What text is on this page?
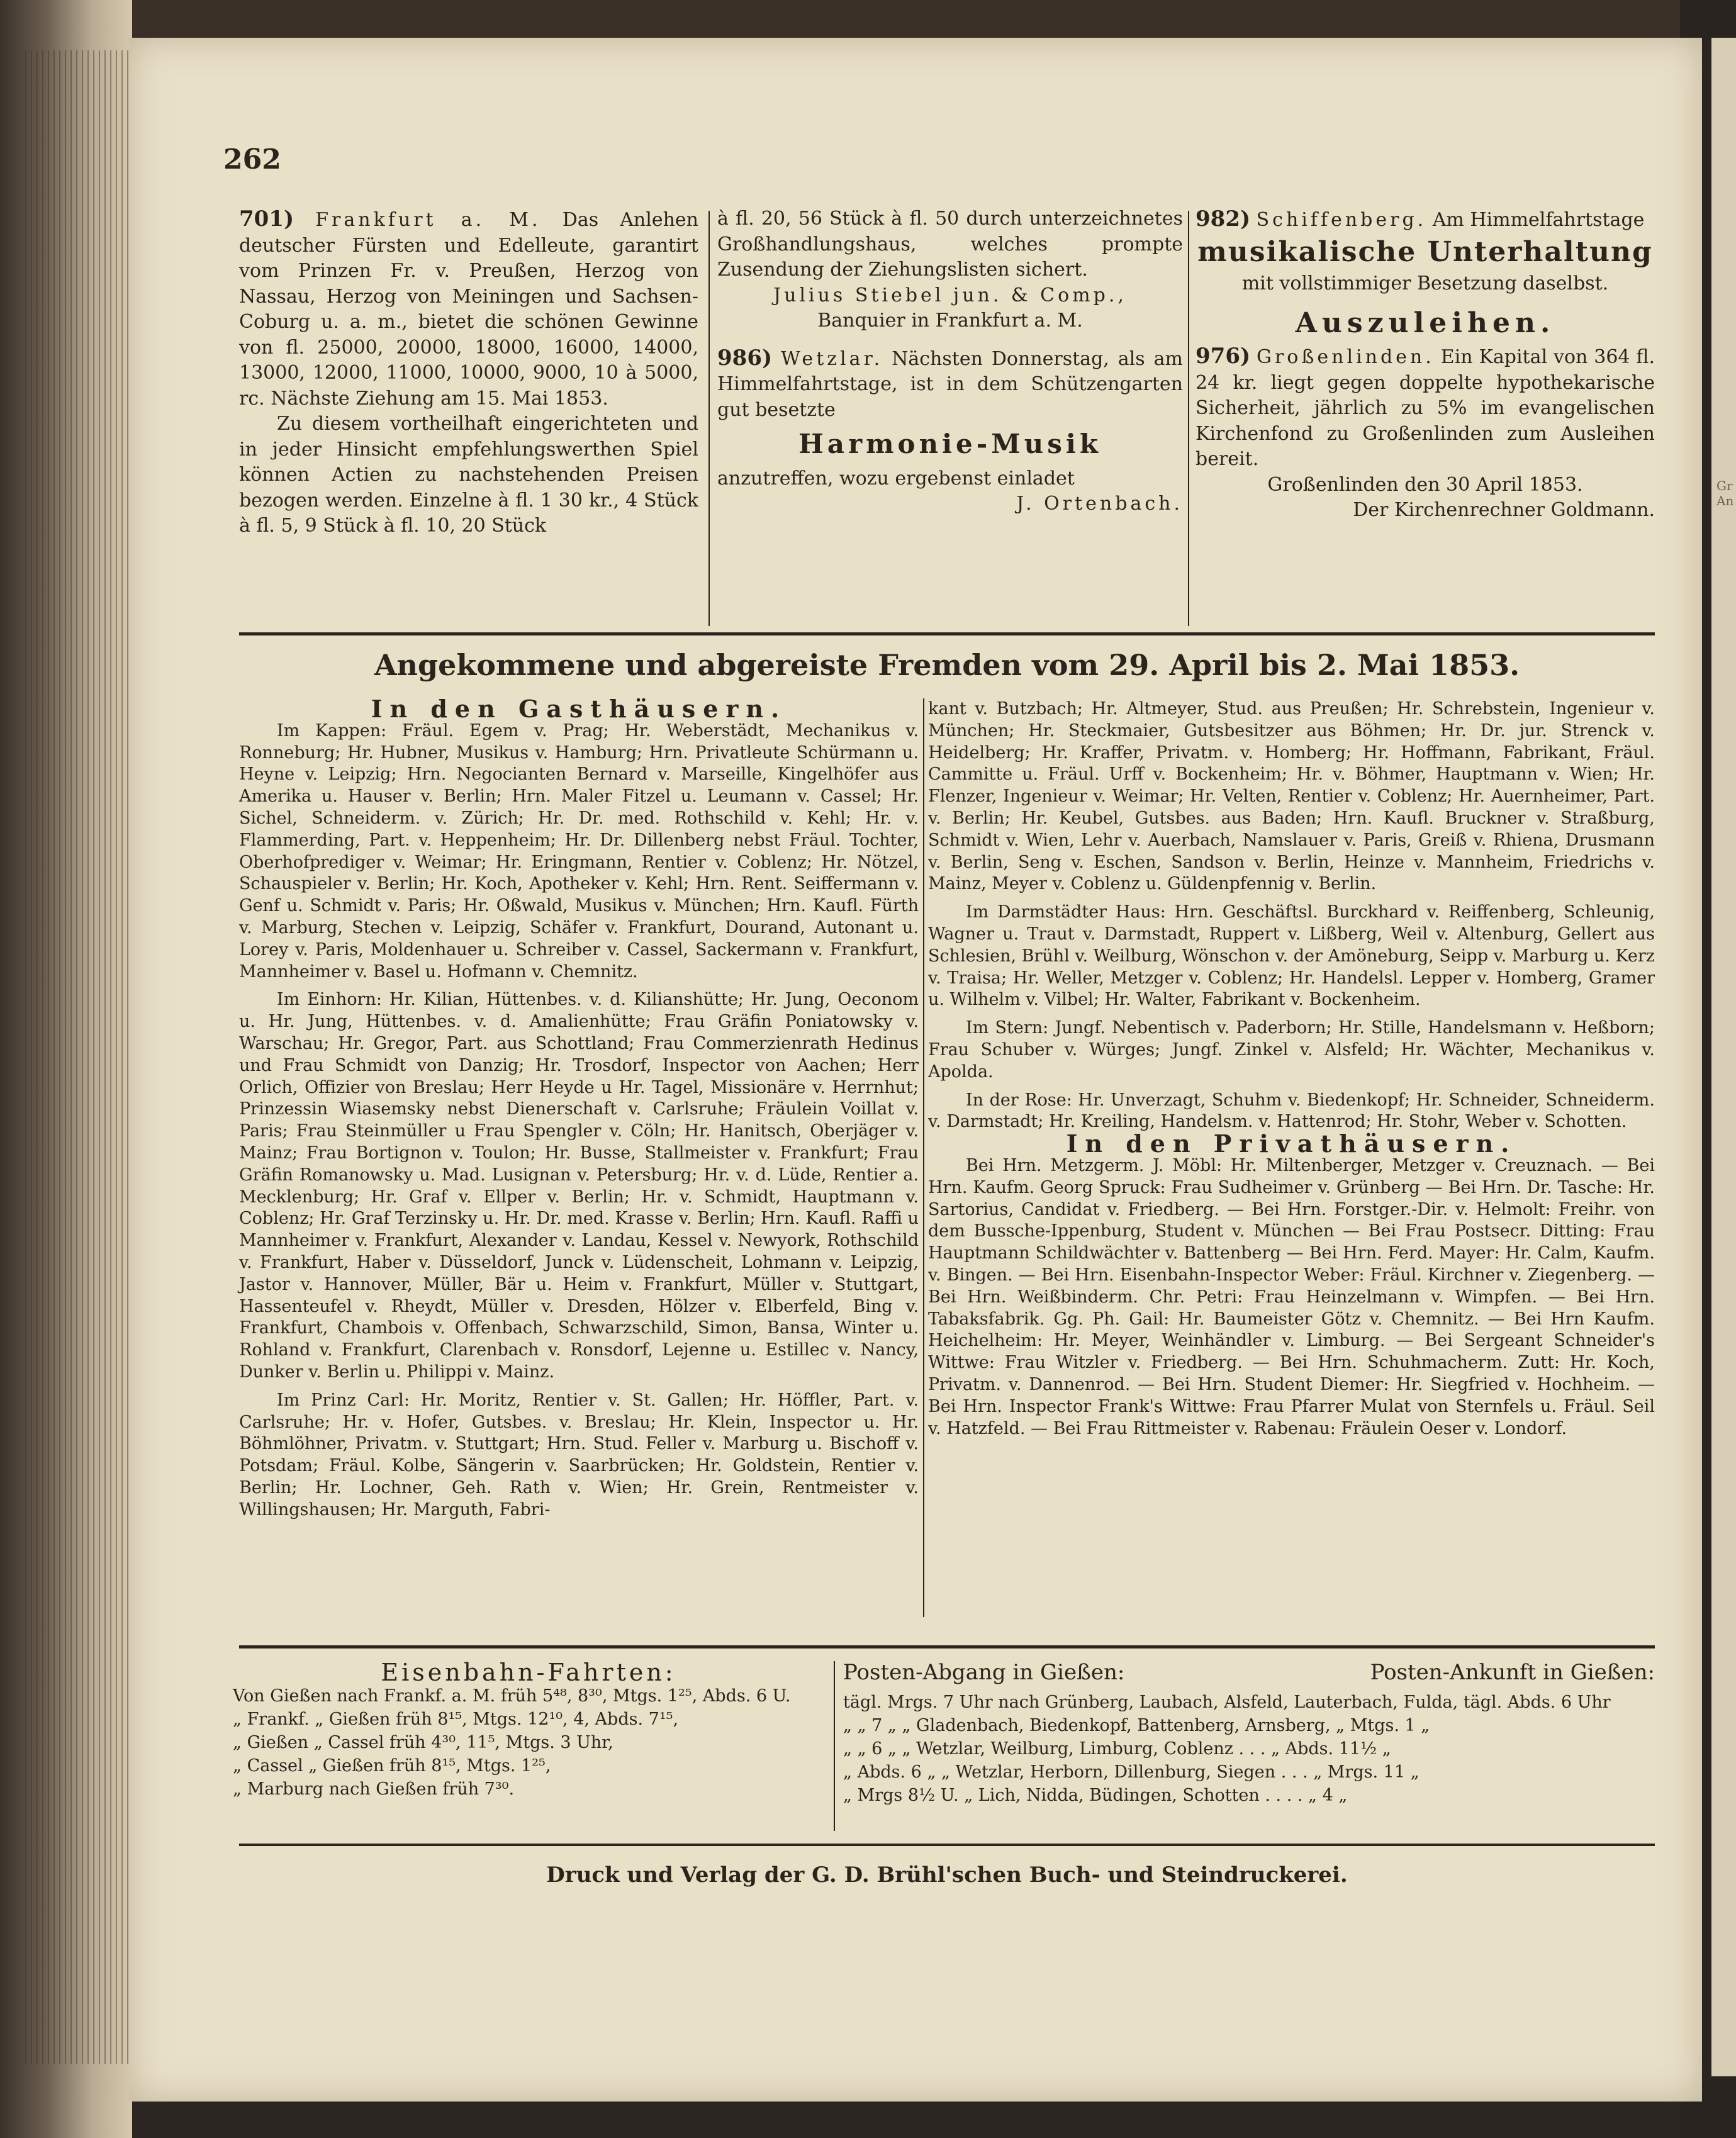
Gr An
262

701) Frankfurt a. M. Das Anlehen deutscher Fürsten und Edelleute, garantirt vom Prinzen Fr. v. Preußen, Herzog von Nassau, Herzog von Meiningen und Sachsen-Coburg u. a. m., bietet die schönen Gewinne von fl. 25000, 20000, 18000, 16000, 14000, 13000, 12000, 11000, 10000, 9000, 10 à 5000, rc. Nächste Ziehung am 15. Mai 1853.

Zu diesem vortheilhaft eingerichteten und in jeder Hinsicht empfehlungswerthen Spiel können Actien zu nachstehenden Preisen bezogen werden. Einzelne à fl. 1 30 kr., 4 Stück à fl. 5, 9 Stück à fl. 10, 20 Stück

à fl. 20, 56 Stück à fl. 50 durch unterzeichnetes Großhandlungshaus, welches prompte Zusendung der Ziehungslisten sichert.

Julius Stiebel jun. & Comp.,

Banquier in Frankfurt a. M.

986) Wetzlar. Nächsten Donnerstag, als am Himmelfahrtstage, ist in dem Schützengarten gut besetzte

Harmonie-Musik

anzutreffen, wozu ergebenst einladet

J. Ortenbach.

982) Schiffenberg. Am Himmelfahrtstage

musikalische Unterhaltung

mit vollstimmiger Besetzung daselbst.

Auszuleihen.

976) Großenlinden. Ein Kapital von 364 fl. 24 kr. liegt gegen doppelte hypothekarische Sicherheit, jährlich zu 5% im evangelischen Kirchenfond zu Großenlinden zum Ausleihen bereit.

Großenlinden den 30 April 1853.

Der Kirchenrechner Goldmann.

Angekommene und abgereiste Fremden vom 29. April bis 2. Mai 1853.

In den Gasthäusern.

Im Kappen: Fräul. Egem v. Prag; Hr. Weberstädt, Mechanikus v. Ronneburg; Hr. Hubner, Musikus v. Hamburg; Hrn. Privatleute Schürmann u. Heyne v. Leipzig; Hrn. Negocianten Bernard v. Marseille, Kingelhöfer aus Amerika u. Hauser v. Berlin; Hrn. Maler Fitzel u. Leumann v. Cassel; Hr. Sichel, Schneiderm. v. Zürich; Hr. Dr. med. Rothschild v. Kehl; Hr. v. Flammerding, Part. v. Heppenheim; Hr. Dr. Dillenberg nebst Fräul. Tochter, Oberhofprediger v. Weimar; Hr. Eringmann, Rentier v. Coblenz; Hr. Nötzel, Schauspieler v. Berlin; Hr. Koch, Apotheker v. Kehl; Hrn. Rent. Seiffermann v. Genf u. Schmidt v. Paris; Hr. Oßwald, Musikus v. München; Hrn. Kaufl. Fürth v. Marburg, Stechen v. Leipzig, Schäfer v. Frankfurt, Dourand, Autonant u. Lorey v. Paris, Moldenhauer u. Schreiber v. Cassel, Sackermann v. Frankfurt, Mannheimer v. Basel u. Hofmann v. Chemnitz.

Im Einhorn: Hr. Kilian, Hüttenbes. v. d. Kilianshütte; Hr. Jung, Oeconom u. Hr. Jung, Hüttenbes. v. d. Amalienhütte; Frau Gräfin Poniatowsky v. Warschau; Hr. Gregor, Part. aus Schottland; Frau Commerzienrath Hedinus und Frau Schmidt von Danzig; Hr. Trosdorf, Inspector von Aachen; Herr Orlich, Offizier von Breslau; Herr Heyde u Hr. Tagel, Missionäre v. Herrnhut; Prinzessin Wiasemsky nebst Dienerschaft v. Carlsruhe; Fräulein Voillat v. Paris; Frau Steinmüller u Frau Spengler v. Cöln; Hr. Hanitsch, Oberjäger v. Mainz; Frau Bortignon v. Toulon; Hr. Busse, Stallmeister v. Frankfurt; Frau Gräfin Romanowsky u. Mad. Lusignan v. Petersburg; Hr. v. d. Lüde, Rentier a. Mecklenburg; Hr. Graf v. Ellper v. Berlin; Hr. v. Schmidt, Hauptmann v. Coblenz; Hr. Graf Terzinsky u. Hr. Dr. med. Krasse v. Berlin; Hrn. Kaufl. Raffi u Mannheimer v. Frankfurt, Alexander v. Landau, Kessel v. Newyork, Rothschild v. Frankfurt, Haber v. Düsseldorf, Junck v. Lüdenscheit, Lohmann v. Leipzig, Jastor v. Hannover, Müller, Bär u. Heim v. Frankfurt, Müller v. Stuttgart, Hassenteufel v. Rheydt, Müller v. Dresden, Hölzer v. Elberfeld, Bing v. Frankfurt, Chambois v. Offenbach, Schwarzschild, Simon, Bansa, Winter u. Rohland v. Frankfurt, Clarenbach v. Ronsdorf, Lejenne u. Estillec v. Nancy, Dunker v. Berlin u. Philippi v. Mainz.

Im Prinz Carl: Hr. Moritz, Rentier v. St. Gallen; Hr. Höffler, Part. v. Carlsruhe; Hr. v. Hofer, Gutsbes. v. Breslau; Hr. Klein, Inspector u. Hr. Böhmlöhner, Privatm. v. Stuttgart; Hrn. Stud. Feller v. Marburg u. Bischoff v. Potsdam; Fräul. Kolbe, Sängerin v. Saarbrücken; Hr. Goldstein, Rentier v. Berlin; Hr. Lochner, Geh. Rath v. Wien; Hr. Grein, Rentmeister v. Willingshausen; Hr. Marguth, Fabri-

kant v. Butzbach; Hr. Altmeyer, Stud. aus Preußen; Hr. Schrebstein, Ingenieur v. München; Hr. Steckmaier, Gutsbesitzer aus Böhmen; Hr. Dr. jur. Strenck v. Heidelberg; Hr. Kraffer, Privatm. v. Homberg; Hr. Hoffmann, Fabrikant, Fräul. Cammitte u. Fräul. Urff v. Bockenheim; Hr. v. Böhmer, Hauptmann v. Wien; Hr. Flenzer, Ingenieur v. Weimar; Hr. Velten, Rentier v. Coblenz; Hr. Auernheimer, Part. v. Berlin; Hr. Keubel, Gutsbes. aus Baden; Hrn. Kaufl. Bruckner v. Straßburg, Schmidt v. Wien, Lehr v. Auerbach, Namslauer v. Paris, Greiß v. Rhiena, Drusmann v. Berlin, Seng v. Eschen, Sandson v. Berlin, Heinze v. Mannheim, Friedrichs v. Mainz, Meyer v. Coblenz u. Güldenpfennig v. Berlin.

Im Darmstädter Haus: Hrn. Geschäftsl. Burckhard v. Reiffenberg, Schleunig, Wagner u. Traut v. Darmstadt, Ruppert v. Lißberg, Weil v. Altenburg, Gellert aus Schlesien, Brühl v. Weilburg, Wönschon v. der Amöneburg, Seipp v. Marburg u. Kerz v. Traisa; Hr. Weller, Metzger v. Coblenz; Hr. Handelsl. Lepper v. Homberg, Gramer u. Wilhelm v. Vilbel; Hr. Walter, Fabrikant v. Bockenheim.

Im Stern: Jungf. Nebentisch v. Paderborn; Hr. Stille, Handelsmann v. Heßborn; Frau Schuber v. Würges; Jungf. Zinkel v. Alsfeld; Hr. Wächter, Mechanikus v. Apolda.

In der Rose: Hr. Unverzagt, Schuhm v. Biedenkopf; Hr. Schneider, Schneiderm. v. Darmstadt; Hr. Kreiling, Handelsm. v. Hattenrod; Hr. Stohr, Weber v. Schotten.

In den Privathäusern.

Bei Hrn. Metzgerm. J. Möbl: Hr. Miltenberger, Metzger v. Creuznach. — Bei Hrn. Kaufm. Georg Spruck: Frau Sudheimer v. Grünberg — Bei Hrn. Dr. Tasche: Hr. Sartorius, Candidat v. Friedberg. — Bei Hrn. Forstger.-Dir. v. Helmolt: Freihr. von dem Bussche-Ippenburg, Student v. München — Bei Frau Postsecr. Ditting: Frau Hauptmann Schildwächter v. Battenberg — Bei Hrn. Ferd. Mayer: Hr. Calm, Kaufm. v. Bingen. — Bei Hrn. Eisenbahn-Inspector Weber: Fräul. Kirchner v. Ziegenberg. — Bei Hrn. Weißbinderm. Chr. Petri: Frau Heinzelmann v. Wimpfen. — Bei Hrn. Tabaksfabrik. Gg. Ph. Gail: Hr. Baumeister Götz v. Chemnitz. — Bei Hrn Kaufm. Heichelheim: Hr. Meyer, Weinhändler v. Limburg. — Bei Sergeant Schneider's Wittwe: Frau Witzler v. Friedberg. — Bei Hrn. Schuhmacherm. Zutt: Hr. Koch, Privatm. v. Dannenrod. — Bei Hrn. Student Diemer: Hr. Siegfried v. Hochheim. — Bei Hrn. Inspector Frank's Wittwe: Frau Pfarrer Mulat von Sternfels u. Fräul. Seil v. Hatzfeld. — Bei Frau Rittmeister v. Rabenau: Fräulein Oeser v. Londorf.

Eisenbahn-Fahrten:

Von Gießen nach Frankf. a. M. früh 5⁴⁸, 8³⁰, Mtgs. 1²⁵, Abds. 6 U.

„ Frankf. „ Gießen früh 8¹⁵, Mtgs. 12¹⁰, 4, Abds. 7¹⁵,

„ Gießen „ Cassel früh 4³⁰, 11⁵, Mtgs. 3 Uhr,

„ Cassel „ Gießen früh 8¹⁵, Mtgs. 1²⁵,

„ Marburg nach Gießen früh 7³⁰.

Posten-Abgang in Gießen:	Posten-Ankunft in Gießen:

tägl. Mrgs. 7 Uhr nach Grünberg, Laubach, Alsfeld, Lauterbach, Fulda, tägl. Abds. 6 Uhr

„ „ 7 „ „ Gladenbach, Biedenkopf, Battenberg, Arnsberg, „ Mtgs. 1 „

„ „ 6 „ „ Wetzlar, Weilburg, Limburg, Coblenz . . . „ Abds. 11½ „

„ Abds. 6 „ „ Wetzlar, Herborn, Dillenburg, Siegen . . . „ Mrgs. 11 „

„ Mrgs 8½ U. „ Lich, Nidda, Büdingen, Schotten . . . . „ 4 „

Druck und Verlag der G. D. Brühl'schen Buch- und Steindruckerei.
